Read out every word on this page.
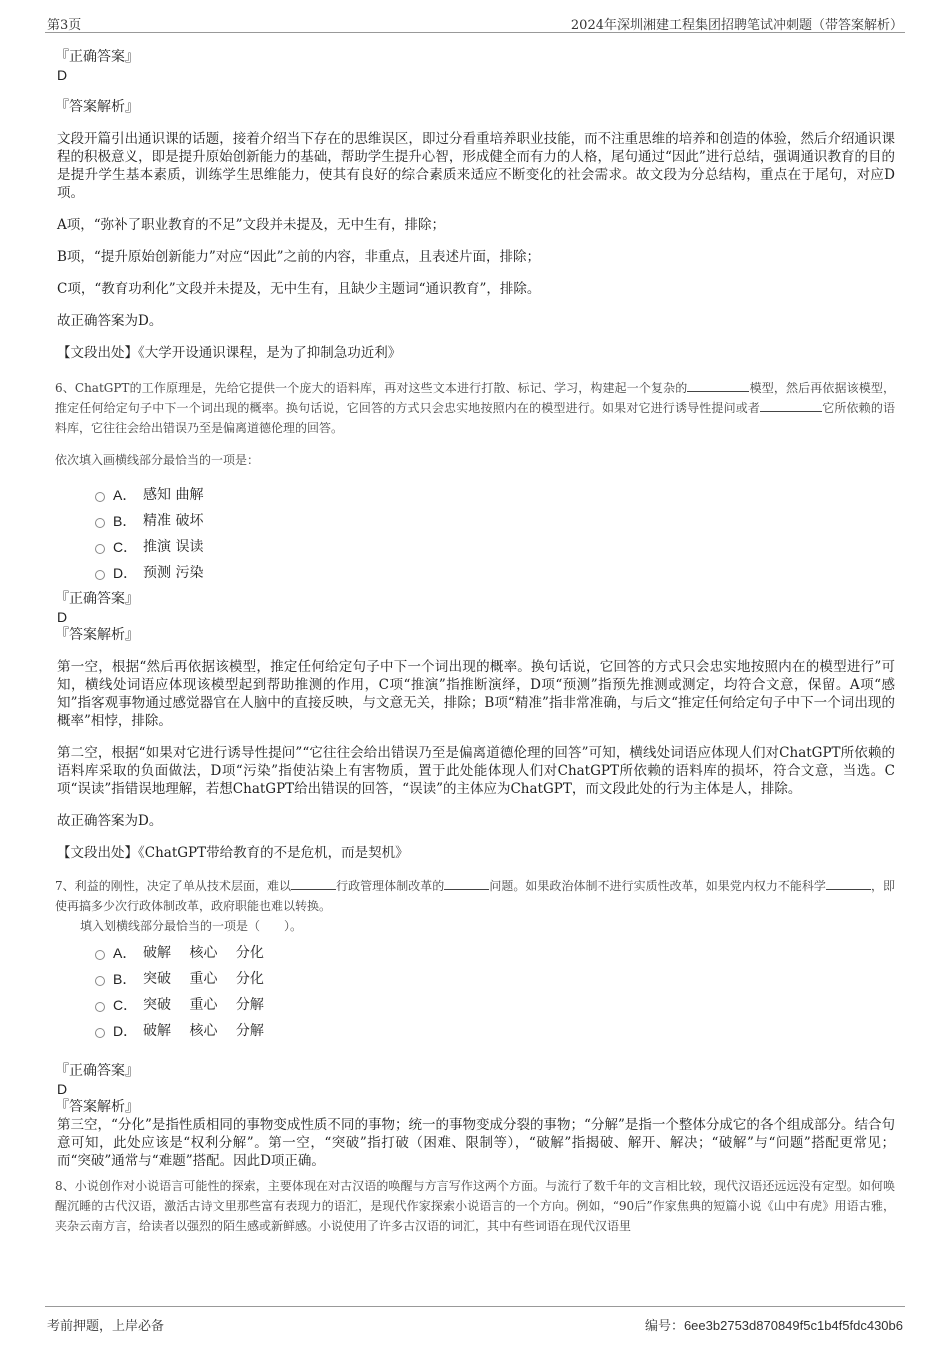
第3页	2024年深圳湘建工程集团招聘笔试冲刺题（带答案解析）

『正确答案』

D

『答案解析』

文段开篇引出通识课的话题，接着介绍当下存在的思维误区，即过分看重培养职业技能，而不注重思维的培养和创造的体验，然后介绍通识课程的积极意义，即是提升原始创新能力的基础，帮助学生提升心智，形成健全而有力的人格，尾句通过“因此”进行总结，强调通识教育的目的是提升学生基本素质，训练学生思维能力，使其有良好的综合素质来适应不断变化的社会需求。故文段为分总结构，重点在于尾句，对应D项。

A项，“弥补了职业教育的不足”文段并未提及，无中生有，排除；

B项，“提升原始创新能力”对应“因此”之前的内容，非重点，且表述片面，排除；

C项，“教育功利化”文段并未提及，无中生有，且缺少主题词“通识教育”，排除。

故正确答案为D。

【文段出处】《大学开设通识课程，是为了抑制急功近利》

6、ChatGPT的工作原理是，先给它提供一个庞大的语料库，再对这些文本进行打散、标记、学习，构建起一个复杂的	模型，然后再依据该模型，推定任何给定句子中下一个词出现的概率。换句话说，它回答的方式只会忠实地按照内在的模型进行。如果对它进行诱导性提问或者	它所依赖的语料库，它往往会给出错误乃至是偏离道德伦理的回答。

依次填入画横线部分最恰当的一项是：

A． 感知 曲解
B． 精准 破坏
C． 推演 误读
D． 预测 污染

『正确答案』

D

『答案解析』

第一空，根据“然后再依据该模型，推定任何给定句子中下一个词出现的概率。换句话说，它回答的方式只会忠实地按照内在的模型进行”可知，横线处词语应体现该模型起到帮助推测的作用，C项“推演”指推断演绎，D项“预测”指预先推测或测定，均符合文意，保留。A项“感知”指客观事物通过感觉器官在人脑中的直接反映，与文意无关，排除；B项“精准”指非常准确，与后文“推定任何给定句子中下一个词出现的概率”相悖，排除。

第二空，根据“如果对它进行诱导性提问”“它往往会给出错误乃至是偏离道德伦理的回答”可知，横线处词语应体现人们对ChatGPT所依赖的语料库采取的负面做法，D项“污染”指使沾染上有害物质，置于此处能体现人们对ChatGPT所依赖的语料库的损坏，符合文意，当选。C项“误读”指错误地理解，若想ChatGPT给出错误的回答，“误读”的主体应为ChatGPT，而文段此处的行为主体是人，排除。

故正确答案为D。

【文段出处】《ChatGPT带给教育的不是危机，而是契机》

7、利益的刚性，决定了单从技术层面，难以	行政管理体制改革的	问题。如果政治体制不进行实质性改革，如果党内权力不能科学	，即使再搞多少次行政体制改革，政府职能也难以转换。

填入划横线部分最恰当的一项是（　　）。

A． 破解　 核心　 分化
B． 突破　 重心　 分化
C． 突破　 重心　 分解
D． 破解　 核心　 分解

『正确答案』

D

『答案解析』

第三空，“分化”是指性质相同的事物变成性质不同的事物；统一的事物变成分裂的事物；“分解”是指一个整体分成它的各个组成部分。结合句意可知，此处应该是“权利分解”。第一空，“突破”指打破（困难、限制等），“破解”指揭破、解开、解决；“破解”与“问题”搭配更常见；而“突破”通常与“难题”搭配。因此D项正确。

8、小说创作对小说语言可能性的探索，主要体现在对古汉语的唤醒与方言写作这两个方面。与流行了数千年的文言相比较，现代汉语还远远没有定型。如何唤醒沉睡的古代汉语，激活古诗文里那些富有表现力的语汇，是现代作家探索小说语言的一个方向。例如，“90后”作家焦典的短篇小说《山中有虎》用语古雅，夹杂云南方言，给读者以强烈的陌生感或新鲜感。小说使用了许多古汉语的词汇，其中有些词语在现代汉语里

考前押题，上岸必备	编号：6ee3b2753d870849f5c1b4f5fdc430b6
